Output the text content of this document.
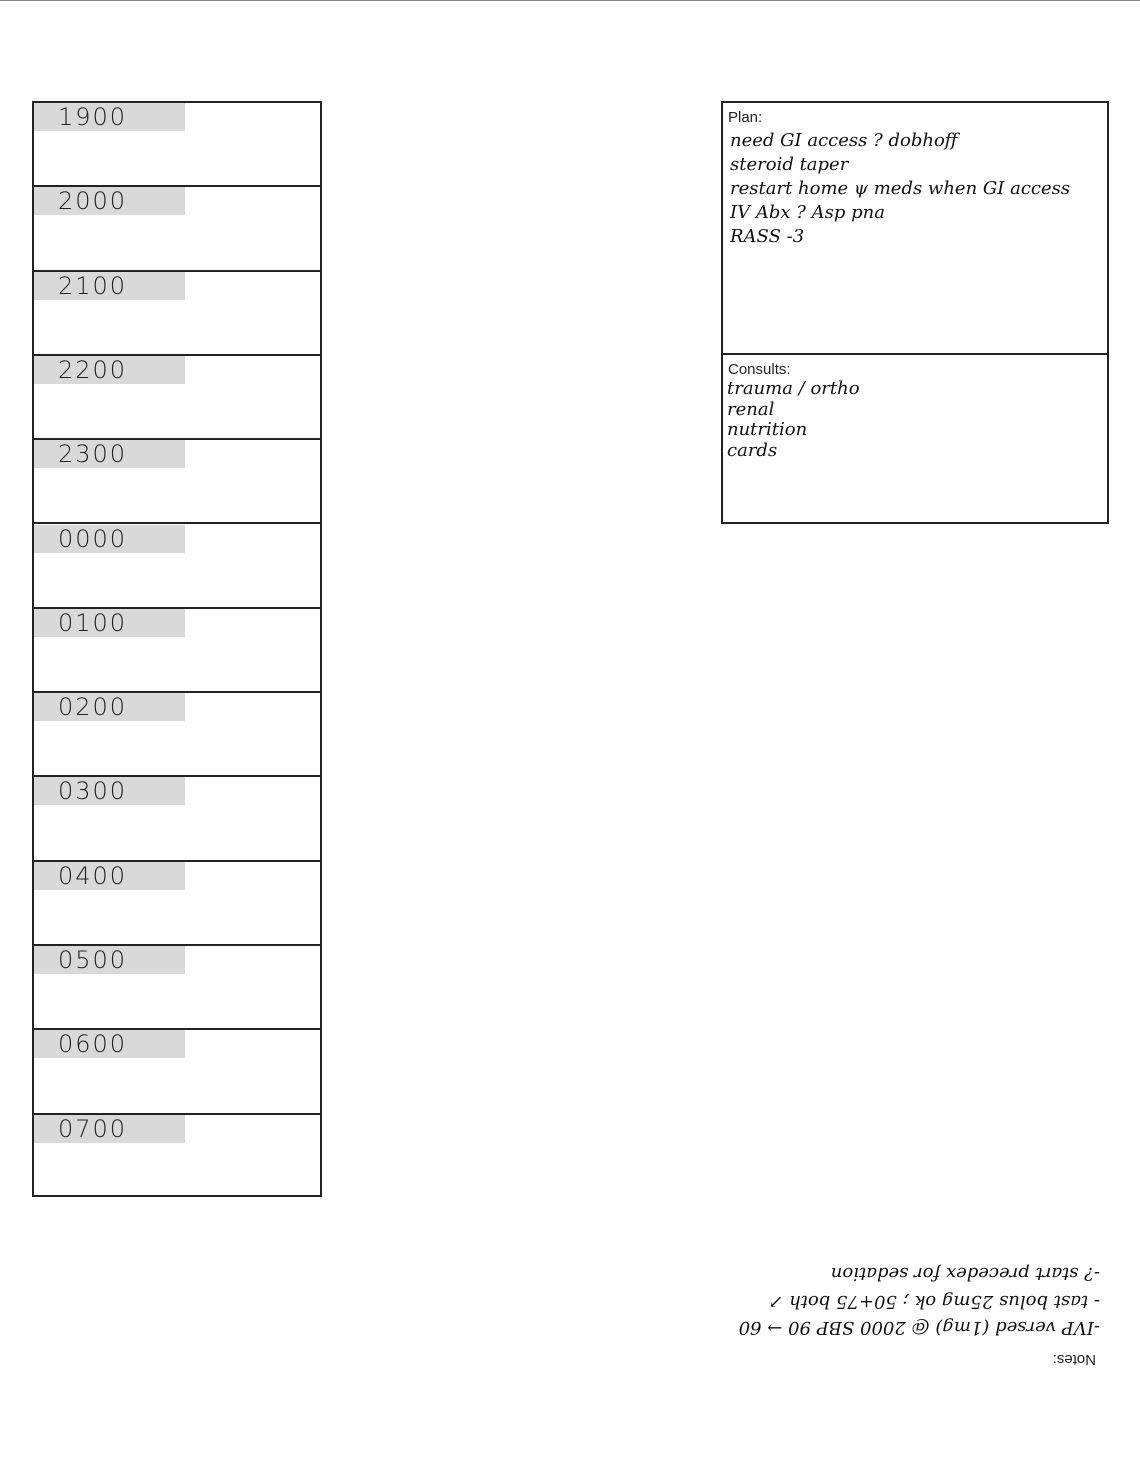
1900
2000
2100
2200
2300
0000
0100
0200
0300
0400
0500
0600
0700
Plan:
need GI access ? dobhoff
steroid taper
restart home ψ meds when GI access
IV Abx ? Asp pna
RASS -3
Consults:
trauma / ortho
renal
nutrition
cards
Notes:
-IVP versed (1mg) @ 2000 SBP 90 → 60
- tast bolus 25mg ok ; 50+75 both ↗
-? start precedex for sedation
